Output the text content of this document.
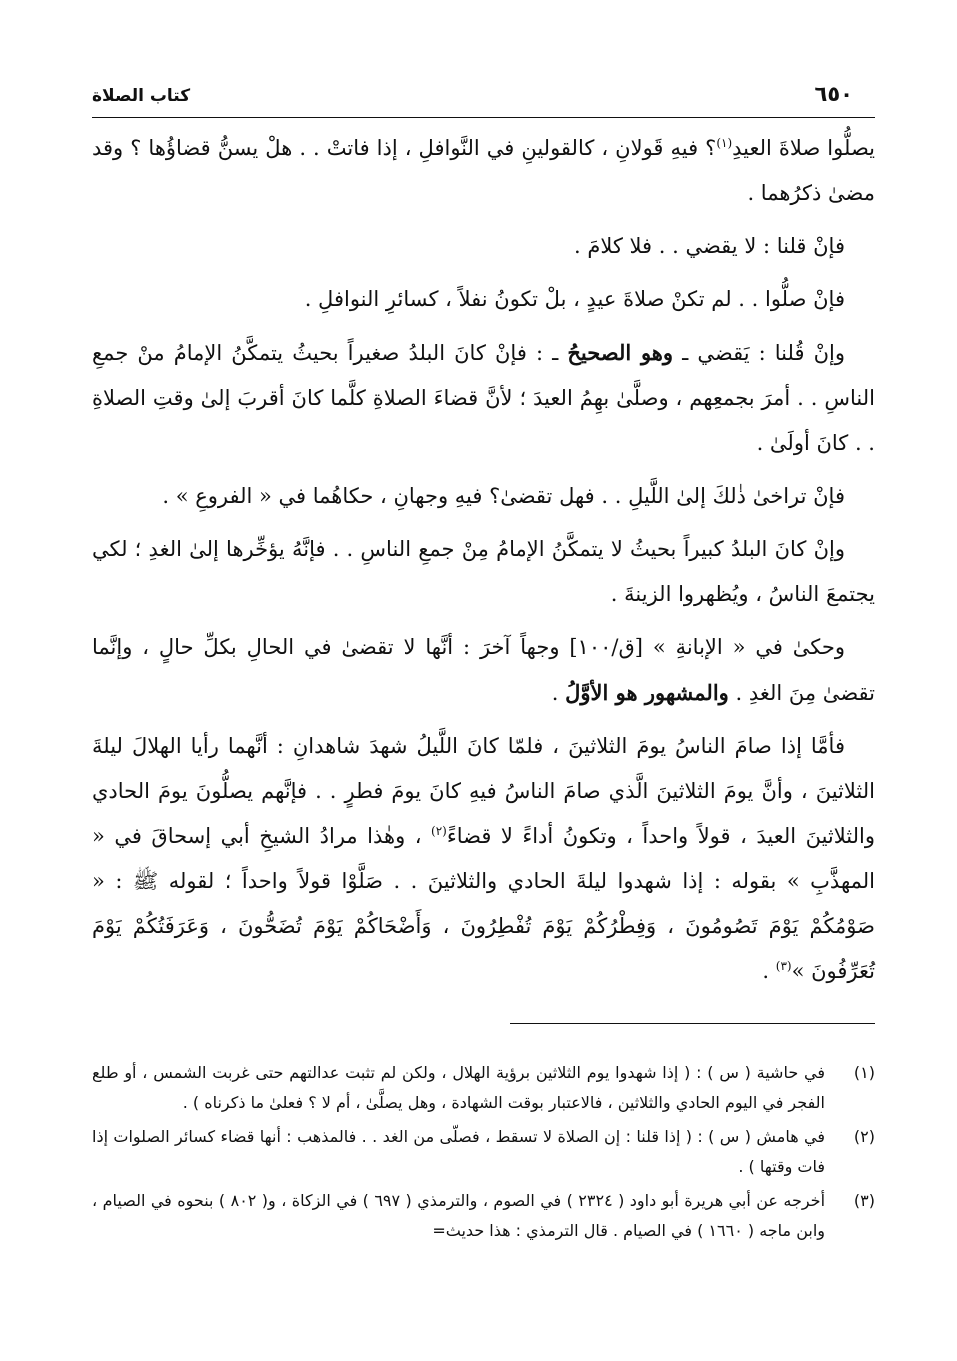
كتاب الصلاة	٦٥٠

يصلُّوا صلاةَ العيدِ$^{(١)}$؟ فيهِ قَولانِ ، كالقولينِ في النَّوافلِ ، إذا فاتتْ . . هلْ يسنُّ قضاؤُها ؟ وقد مضىٰ ذكرُهما .

فإنْ قلنا : لا يقضي . . فلا كلامَ .

فإنْ صلُّوا . . لم تكنْ صلاةَ عيدٍ ، بلْ تكونُ نفلاً ، كسائرِ النوافلِ .

وإنْ قُلنا : يَقضي ـ وهو الصحيحُ ـ : فإنْ كانَ البلدُ صغيراً بحيثُ يتمكَّنُ الإمامُ منْ جمعِ الناسِ . . أمرَ بجمعِهم ، وصلَّىٰ بهِمُ العيدَ ؛ لأنَّ قضاءَ الصلاةِ كلَّما كانَ أقربَ إلىٰ وقتِ الصلاةِ . . كانَ أولَىٰ .

فإنْ تراخىٰ ذٰلكَ إلىٰ اللَّيلِ . . فهل تقضىٰ؟ فيهِ وجهانِ ، حكاهُما في « الفروعِ » .

وإنْ كانَ البلدُ كبيراً بحيثُ لا يتمكَّنُ الإمامُ مِنْ جمعِ الناسِ . . فإنَّهُ يؤخِّرها إلىٰ الغدِ ؛ لكي يجتمعَ الناسُ ، ويُظهروا الزينةَ .

وحكىٰ في « الإبانةِ » [ق/١٠٠] وجهاً آخرَ : أنَّها لا تقضىٰ في الحالِ بكلِّ حالٍ ، وإنَّما تقضىٰ مِنَ الغدِ . والمشهور هو الأوَّلُ .

فأمَّا إذا صامَ الناسُ يومَ الثلاثينَ ، فلمّا كانَ اللَّيلُ شهدَ شاهدانِ : أنَّهما رأيا الهلالَ ليلةَ الثلاثينَ ، وأنَّ يومَ الثلاثينَ الَّذي صامَ الناسُ فيهِ كانَ يومَ فطرٍ . . فإنَّهم يصلُّونَ يومَ الحادي والثلاثينَ العيدَ ، قولاً واحداً ، وتكونُ أداءً لا قضاءً$^{(٢)}$ ، وهٰذا مرادُ الشيخِ أبي إسحاقَ في « المهذَّبِ » بقوله : إذا شهدوا ليلةَ الحادي والثلاثينَ . . صَلَّوْا قولاً واحداً ؛ لقوله ﷺ : « صَوْمُكُمْ يَوْمَ تَصُومُونَ ، وَفِطْرُكُمْ يَوْمَ تُفْطِرُونَ ، وَأَضْحَاكُمْ يَوْمَ تُضَحُّونَ ، وَعَرَفَتُكُمْ يَوْمَ تُعَرِّفُونَ »$^{(٣)}$ .

(١)
في حاشية ( س ) : ( إذا شهدوا يوم الثلاثين برؤية الهلال ، ولكن لم تثبت عدالتهم حتى غربت الشمس ، أو طلع الفجر في اليوم الحادي والثلاثين ، فالاعتبار بوقت الشهادة ، وهل يصلَّىٰ ، أم لا ؟ فعلىٰ ما ذكرناه ) .
(٢)
في هامش ( س ) : ( إذا قلنا : إن الصلاة لا تسقط ، فصلّى من الغد . . فالمذهب : أنها قضاء كسائر الصلوات إذا فات وقتها ) .
(٣)
أخرجه عن أبي هريرة أبو داود ( ٢٣٢٤ ) في الصوم ، والترمذي ( ٦٩٧ ) في الزكاة ، و( ٨٠٢ ) بنحوه في الصيام ، وابن ماجه ( ١٦٦٠ ) في الصيام . قال الترمذي : هذا حديث=
